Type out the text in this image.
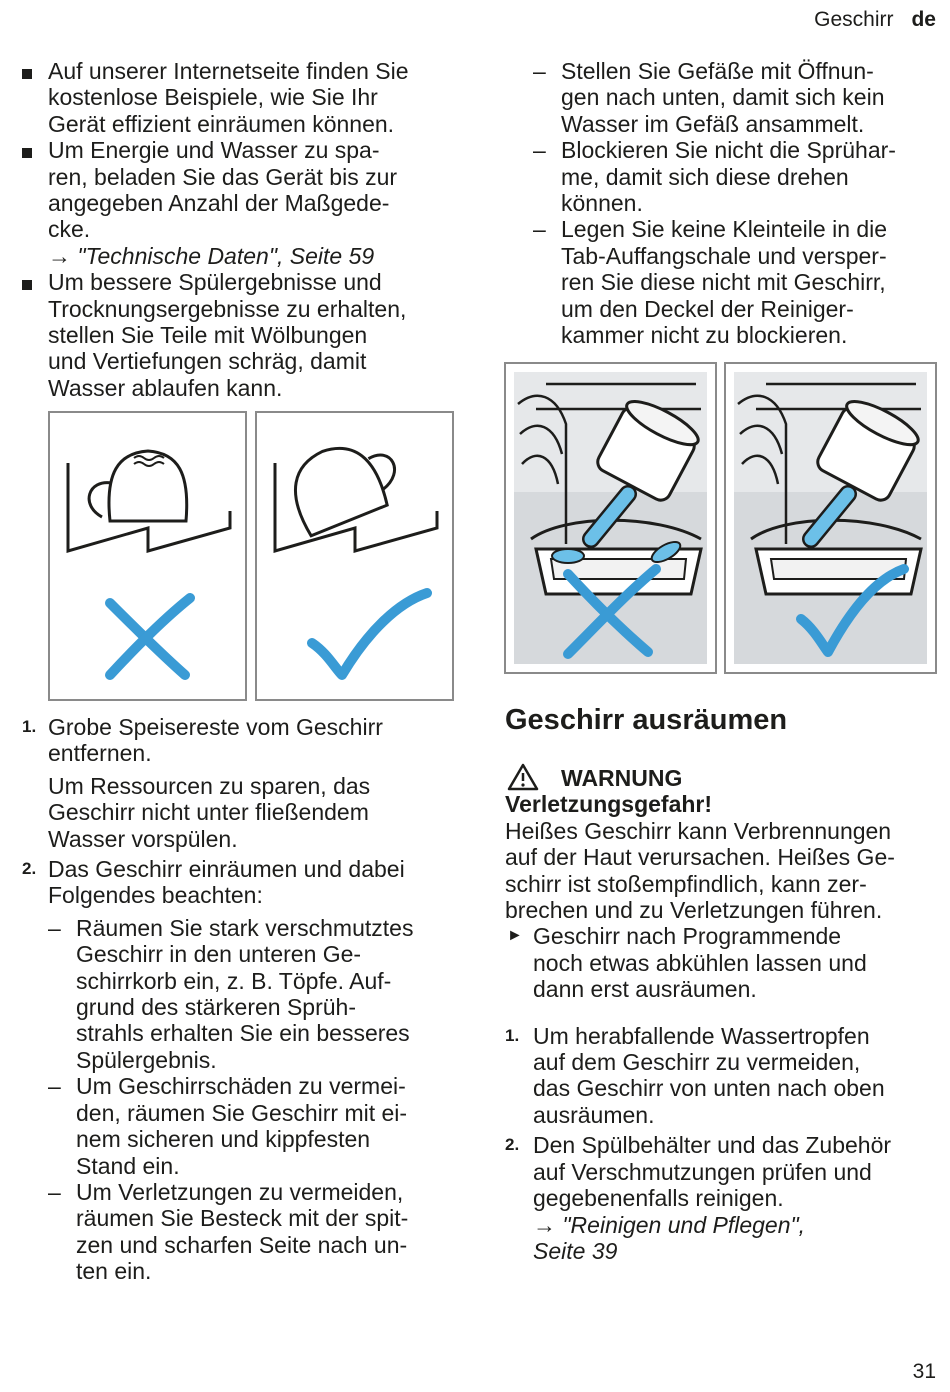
Geschirr de
Auf unserer Internetseite finden Sie
kostenlose Beispiele, wie Sie Ihr
Gerät effizient einräumen können.
Um Energie und Wasser zu spa-
ren, beladen Sie das Gerät bis zur
angegeben Anzahl der Maßgede-
cke.
→ "Technische Daten", Seite 59
Um bessere Spülergebnisse und
Trocknungsergebnisse zu erhalten,
stellen Sie Teile mit Wölbungen
und Vertiefungen schräg, damit
Wasser ablaufen kann.
1. Grobe Speisereste vom Geschirr
entfernen.
Um Ressourcen zu sparen, das
Geschirr nicht unter fließendem
Wasser vorspülen.
2. Das Geschirr einräumen und dabei
Folgendes beachten:
– Räumen Sie stark verschmutztes
Geschirr in den unteren Ge-
schirrkorb ein, z. B. Töpfe. Auf-
grund des stärkeren Sprüh-
strahls erhalten Sie ein besseres
Spülergebnis.
– Um Geschirrschäden zu vermei-
den, räumen Sie Geschirr mit ei-
nem sicheren und kippfesten
Stand ein.
– Um Verletzungen zu vermeiden,
räumen Sie Besteck mit der spit-
zen und scharfen Seite nach un-
ten ein.
– Stellen Sie Gefäße mit Öffnun-
gen nach unten, damit sich kein
Wasser im Gefäß ansammelt.
– Blockieren Sie nicht die Sprühar-
me, damit sich diese drehen
können.
– Legen Sie keine Kleinteile in die
Tab-Auffangschale und versper-
ren Sie diese nicht mit Geschirr,
um den Deckel der Reiniger-
kammer nicht zu blockieren.
Geschirr ausräumen
WARNUNG
Verletzungsgefahr!
Heißes Geschirr kann Verbrennungen
auf der Haut verursachen. Heißes Ge-
schirr ist stoßempfindlich, kann zer-
brechen und zu Verletzungen führen.
► Geschirr nach Programmende
noch etwas abkühlen lassen und
dann erst ausräumen.
1. Um herabfallende Wassertropfen
auf dem Geschirr zu vermeiden,
das Geschirr von unten nach oben
ausräumen.
2. Den Spülbehälter und das Zubehör
auf Verschmutzungen prüfen und
gegebenenfalls reinigen.
→ "Reinigen und Pflegen",
Seite 39
31
